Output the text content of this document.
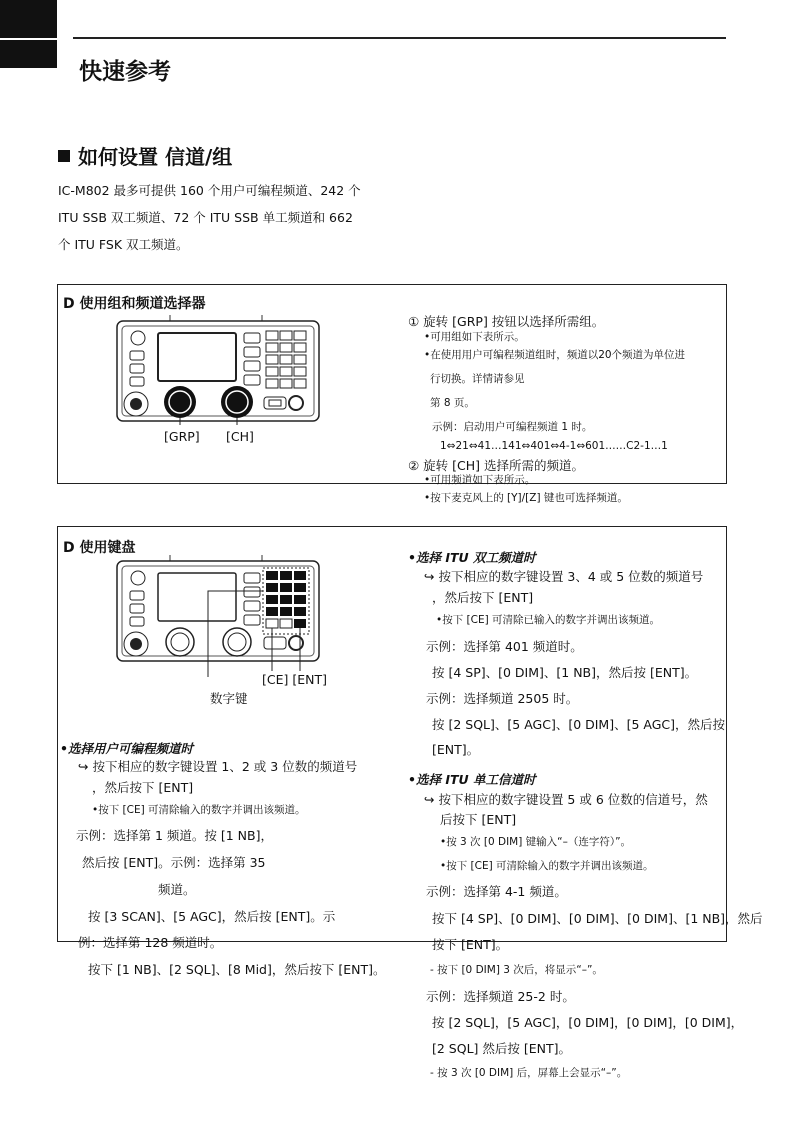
快速参考
如何设置 信道/组
IC-M802 最多可提供 160 个用户可编程频道、242 个
ITU SSB 双工频道、72 个 ITU SSB 单工频道和 662
个 ITU FSK 双工频道。
D 使用组和频道选择器
[GRP] [CH]
① 旋转 [GRP] 按钮以选择所需组。
•可用组如下表所示。
•在使用用户可编程频道组时，频道以20个频道为单位进
行切换。详情请参见
第 8 页。
示例：启动用户可编程频道 1 时。
1⇔21⇔41…141⇔401⇔4-1⇔601……C2-1…1
② 旋转 [CH] 选择所需的频道。
•可用频道如下表所示。
•按下麦克风上的 [Y]/[Z] 键也可选择频道。
D 使用键盘
[CE] [ENT]
数字键
•选择用户可编程频道时
↪ 按下相应的数字键设置 1、2 或 3 位数的频道号
，然后按下 [ENT]
•按下 [CE] 可清除输入的数字并调出该频道。
示例：选择第 1 频道。按 [1 NB]，
然后按 [ENT]。示例：选择第 35
频道。
按 [3 SCAN]、[5 AGC]，然后按 [ENT]。示
例：选择第 128 频道时。
按下 [1 NB]、[2 SQL]、[8 Mid]，然后按下 [ENT]。
•选择 ITU 双工频道时
↪ 按下相应的数字键设置 3、4 或 5 位数的频道号
，然后按下 [ENT]
•按下 [CE] 可清除已输入的数字并调出该频道。
示例：选择第 401 频道时。
按 [4 SP]、[0 DIM]、[1 NB]，然后按 [ENT]。
示例：选择频道 2505 时。
按 [2 SQL]、[5 AGC]、[0 DIM]、[5 AGC]，然后按
[ENT]。
•选择 ITU 单工信道时
↪ 按下相应的数字键设置 5 或 6 位数的信道号，然
后按下 [ENT]
•按 3 次 [0 DIM] 键输入“–（连字符）”。
•按下 [CE] 可清除输入的数字并调出该频道。
示例：选择第 4-1 频道。
按下 [4 SP]、[0 DIM]、[0 DIM]、[0 DIM]、[1 NB]，然后
按下 [ENT]。
- 按下 [0 DIM] 3 次后，将显示“–”。
示例：选择频道 25-2 时。
按 [2 SQL]，[5 AGC]，[0 DIM]，[0 DIM]，[0 DIM]，
[2 SQL] 然后按 [ENT]。
- 按 3 次 [0 DIM] 后，屏幕上会显示“–”。
